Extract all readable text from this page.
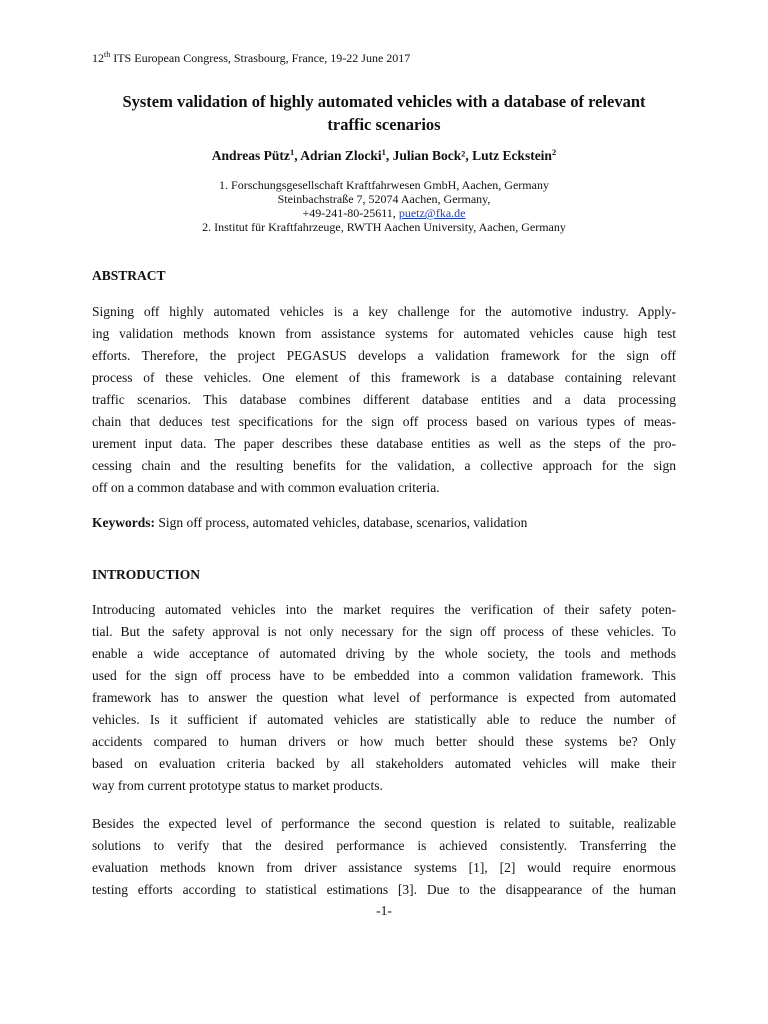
12th ITS European Congress, Strasbourg, France, 19-22 June 2017
System validation of highly automated vehicles with a database of relevant
traffic scenarios
Andreas Pütz$^1$, Adrian Zlocki$^1$, Julian Bock², Lutz Eckstein$^2$
1. Forschungsgesellschaft Kraftfahrwesen GmbH, Aachen, Germany
Steinbachstraße 7, 52074 Aachen, Germany,
+49-241-80-25611, puetz@fka.de
2. Institut für Kraftfahrzeuge, RWTH Aachen University, Aachen, Germany
ABSTRACT
Signing off highly automated vehicles is a key challenge for the automotive industry. Apply-
ing validation methods known from assistance systems for automated vehicles cause high test
efforts. Therefore, the project PEGASUS develops a validation framework for the sign off
process of these vehicles. One element of this framework is a database containing relevant
traffic scenarios. This database combines different database entities and a data processing
chain that deduces test specifications for the sign off process based on various types of meas-
urement input data. The paper describes these database entities as well as the steps of the pro-
cessing chain and the resulting benefits for the validation, a collective approach for the sign
off on a common database and with common evaluation criteria.
Keywords: Sign off process, automated vehicles, database, scenarios, validation
INTRODUCTION
Introducing automated vehicles into the market requires the verification of their safety poten-
tial. But the safety approval is not only necessary for the sign off process of these vehicles. To
enable a wide acceptance of automated driving by the whole society, the tools and methods
used for the sign off process have to be embedded into a common validation framework. This
framework has to answer the question what level of performance is expected from automated
vehicles. Is it sufficient if automated vehicles are statistically able to reduce the number of
accidents compared to human drivers or how much better should these systems be? Only
based on evaluation criteria backed by all stakeholders automated vehicles will make their
way from current prototype status to market products.
Besides the expected level of performance the second question is related to suitable, realizable
solutions to verify that the desired performance is achieved consistently. Transferring the
evaluation methods known from driver assistance systems [1], [2] would require enormous
testing efforts according to statistical estimations [3]. Due to the disappearance of the human
-1-
